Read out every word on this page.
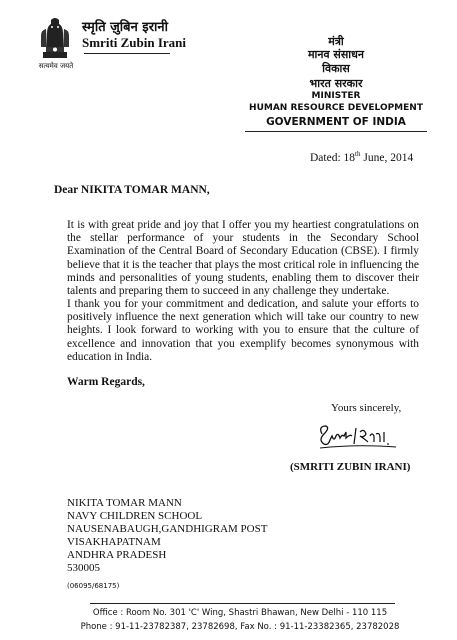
सत्यमेव जयते
स्मृति ज़ुबिन इरानी
Smriti Zubin Irani	मंत्री
मानव संसाधन
विकास
भारत सरकार
MINISTER
HUMAN RESOURCE DEVELOPMENT
GOVERNMENT OF INDIA
Dated: 18th June, 2014
Dear NIKITA TOMAR MANN,
It is with great pride and joy that I offer you my heartiest congratulations on the stellar performance of your students in the Secondary School Examination of the Central Board of Secondary Education (CBSE). I firmly believe that it is the teacher that plays the most critical role in influencing the minds and personalities of young students, enabling them to discover their talents and preparing them to succeed in any challenge they undertake.
I thank you for your commitment and dedication, and salute your efforts to positively influence the next generation which will take our country to new heights. I look forward to working with you to ensure that the culture of excellence and innovation that you exemplify becomes synonymous with education in India.
Warm Regards,
Yours sincerely,
(SMRITI ZUBIN IRANI)
NIKITA TOMAR MANN
NAVY CHILDREN SCHOOL
NAUSENABAUGH,GANDHIGRAM POST
VISAKHAPATNAM
ANDHRA PRADESH
530005
(06095/68175)
Office : Room No. 301 'C' Wing, Shastri Bhawan, New Delhi - 110 115
Phone : 91-11-23782387, 23782698, Fax No. : 91-11-23382365, 23782028
